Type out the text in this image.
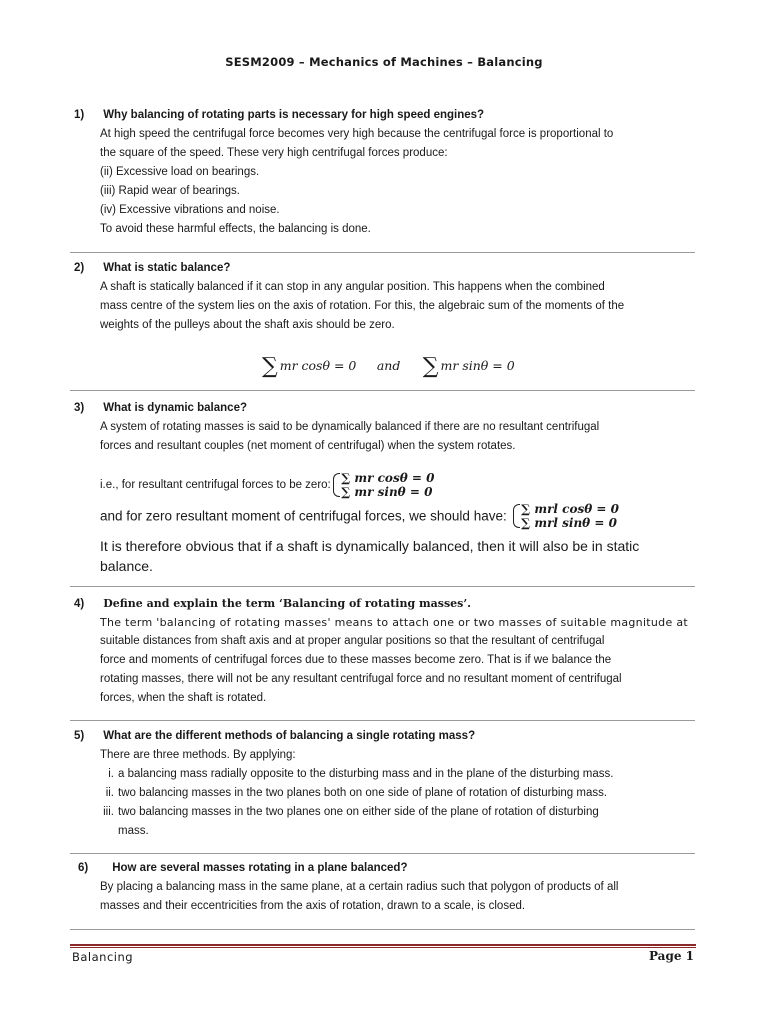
SESM2009 – Mechanics of Machines – Balancing
1) Why balancing of rotating parts is necessary for high speed engines?
At high speed the centrifugal force becomes very high because the centrifugal force is proportional to
the square of the speed. These very high centrifugal forces produce:
(ii) Excessive load on bearings.
(iii) Rapid wear of bearings.
(iv) Excessive vibrations and noise.
To avoid these harmful effects, the balancing is done.
2) What is static balance?
A shaft is statically balanced if it can stop in any angular position. This happens when the combined
mass centre of the system lies on the axis of rotation. For this, the algebraic sum of the moments of the
weights of the pulleys about the shaft axis should be zero.
∑ mr cosθ = 0 and ∑ mr sinθ = 0
3) What is dynamic balance?
A system of rotating masses is said to be dynamically balanced if there are no resultant centrifugal
forces and resultant couples (net moment of centrifugal) when the system rotates.
i.e., for resultant centrifugal forces to be zero: ∑ mr cosθ = 0
∑ mr sinθ = 0
and for zero resultant moment of centrifugal forces, we should have: ∑ mrl cosθ = 0
∑ mrl sinθ = 0
It is therefore obvious that if a shaft is dynamically balanced, then it will also be in static
balance.
4) Define and explain the term ‘Balancing of rotating masses’.
The term 'balancing of rotating masses' means to attach one or two masses of suitable magnitude at
suitable distances from shaft axis and at proper angular positions so that the resultant of centrifugal
force and moments of centrifugal forces due to these masses become zero. That is if we balance the
rotating masses, there will not be any resultant centrifugal force and no resultant moment of centrifugal
forces, when the shaft is rotated.
5) What are the different methods of balancing a single rotating mass?
There are three methods. By applying:
i. a balancing mass radially opposite to the disturbing mass and in the plane of the disturbing mass.
ii. two balancing masses in the two planes both on one side of plane of rotation of disturbing mass.
iii. two balancing masses in the two planes one on either side of the plane of rotation of disturbing
mass.
6) How are several masses rotating in a plane balanced?
By placing a balancing mass in the same plane, at a certain radius such that polygon of products of all
masses and their eccentricities from the axis of rotation, drawn to a scale, is closed.
Balancing	Page 1
